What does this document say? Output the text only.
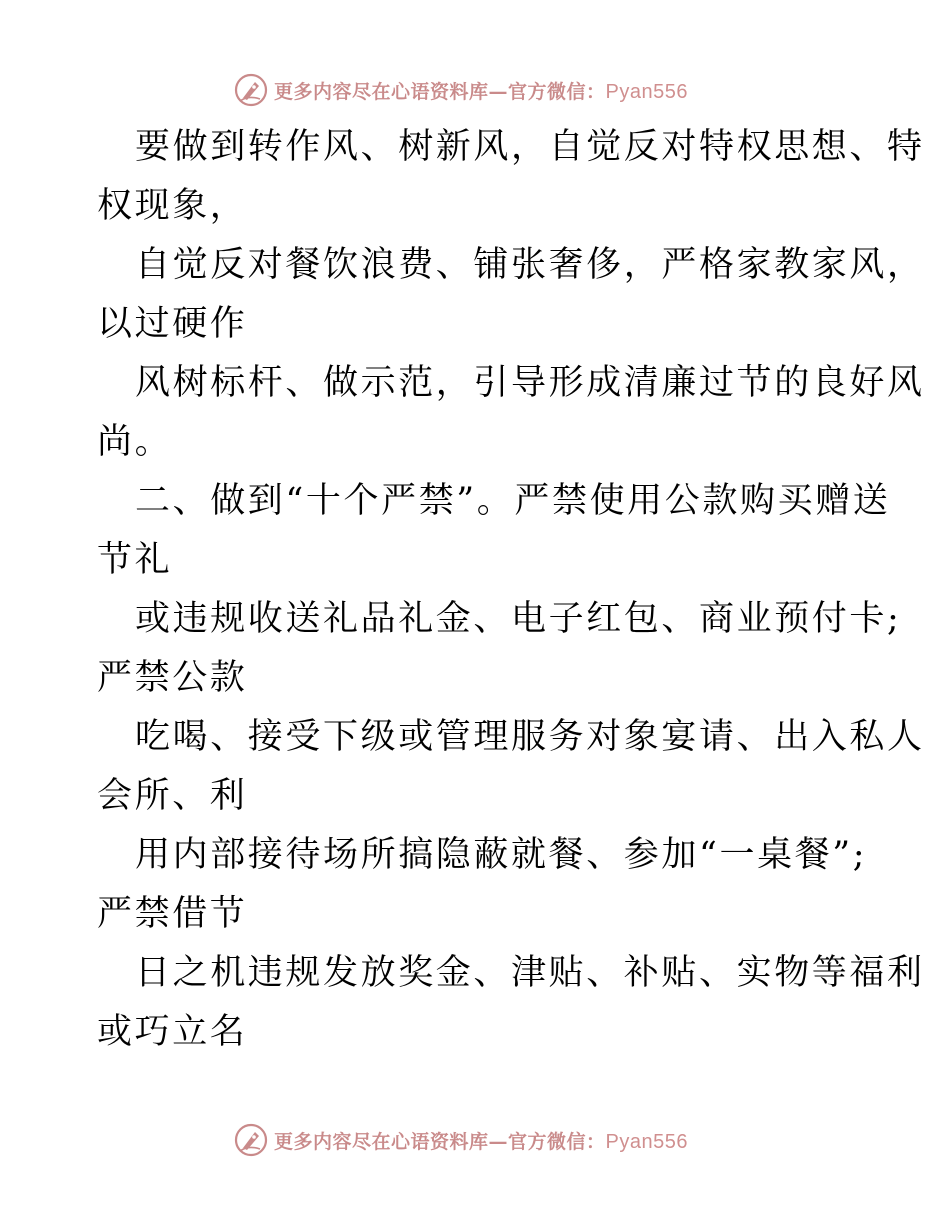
更多内容尽在心语资料库—官方微信：Pyan556
要做到转作风、树新风，自觉反对特权思想、特
权现象，
自觉反对餐饮浪费、铺张奢侈，严格家教家风，
以过硬作
风树标杆、做示范，引导形成清廉过节的良好风
尚。
二、做到“十个严禁”。严禁使用公款购买赠送
节礼
或违规收送礼品礼金、电子红包、商业预付卡;
严禁公款
吃喝、接受下级或管理服务对象宴请、出入私人
会所、利
用内部接待场所搞隐蔽就餐、参加“一桌餐”;
严禁借节
日之机违规发放奖金、津贴、补贴、实物等福利
或巧立名
更多内容尽在心语资料库—官方微信：Pyan556
